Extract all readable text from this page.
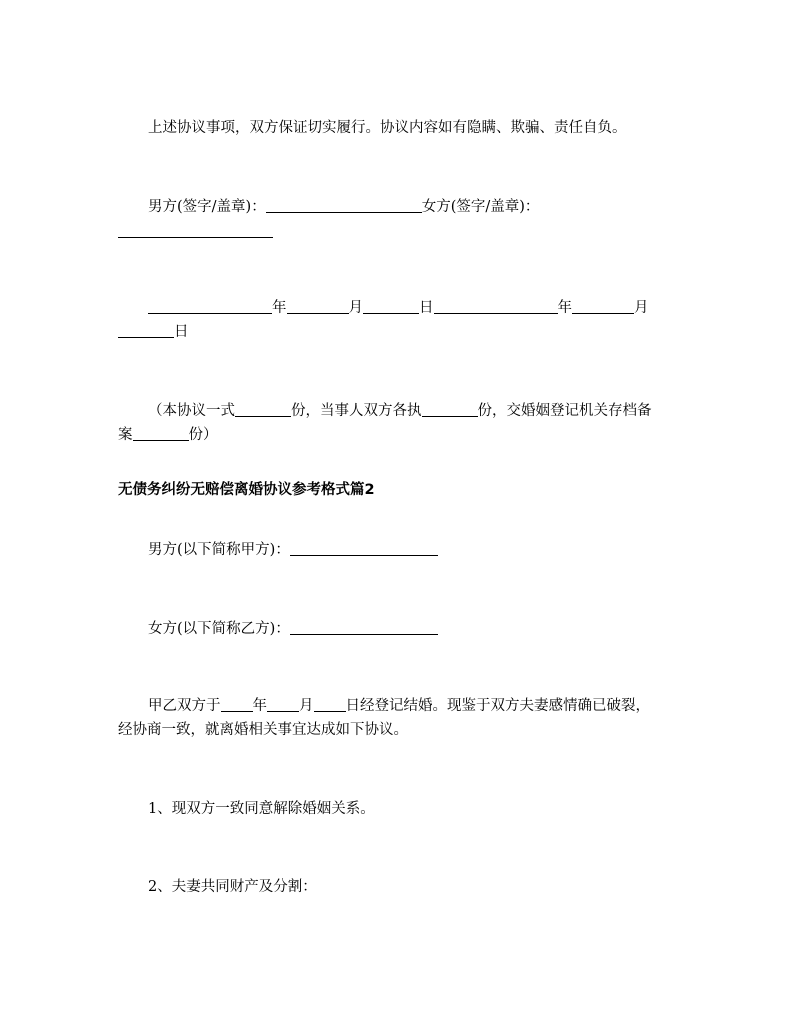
上述协议事项，双方保证切实履行。协议内容如有隐瞒、欺骗、责任自负。

男方(签字/盖章)：	女方(签字/盖章)：

年	月	日	年	月

日

（本协议一式	份，当事人双方各执	份，交婚姻登记机关存档备

案	份）

无债务纠纷无赔偿离婚协议参考格式篇2

男方(以下简称甲方)：

女方(以下简称乙方)：

甲乙双方于 年 月 日经登记结婚。现鉴于双方夫妻感情确已破裂，

经协商一致，就离婚相关事宜达成如下协议。

1、现双方一致同意解除婚姻关系。

2、夫妻共同财产及分割：
